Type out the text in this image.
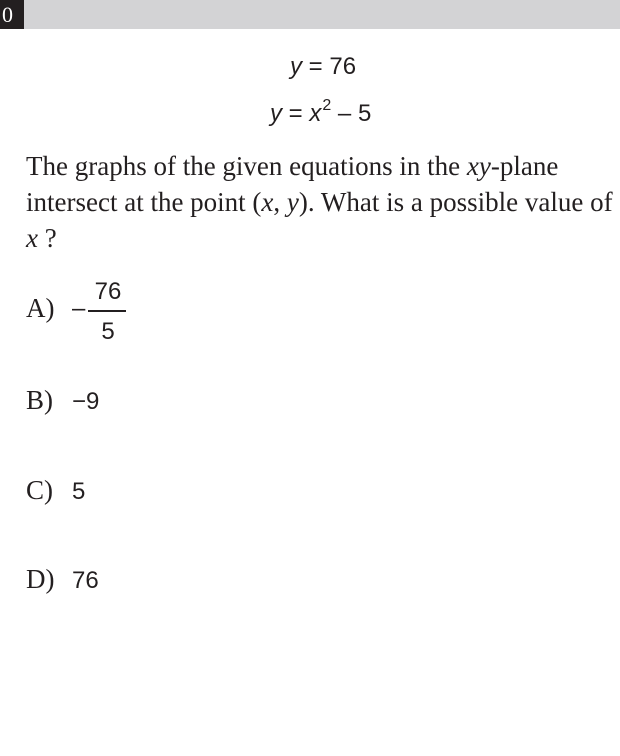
0
y = 76
$y = x^2 - 5$
The graphs of the given equations in the xy-plane intersect at the point (x, y). What is a possible value of x ?
A) –
76
5
B) −9
C) 5
D) 76
